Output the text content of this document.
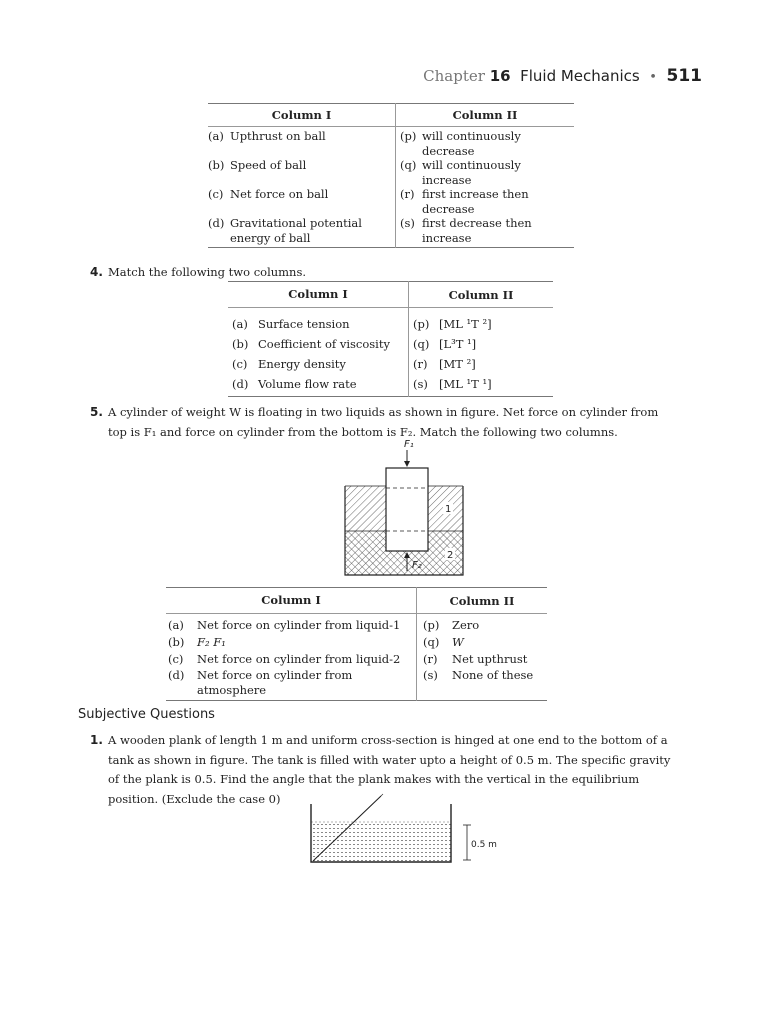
Chapter 16 Fluid Mechanics • 511
Column I	Column II
(a) Upthrust on ball	(p) will continuously
decrease
(b) Speed of ball	(q) will continuously
increase
(c) Net force on ball	(r) first increase then
decrease
(d) Gravitational potential
energy of ball	(s) first decrease then
increase
4. Match the following two columns.
Column I	Column II
(a) Surface tension	(p) [ML ¹T ²]
(b) Coefficient of viscosity	(q) [L³T ¹]
(c) Energy density	(r) [MT ²]
(d) Volume flow rate	(s) [ML ¹T ¹]
5. A cylinder of weight W is floating in two liquids as shown in figure. Net force on cylinder from
top is F₁ and force on cylinder from the bottom is F₂. Match the following two columns.
F₁
F₂
1
2
Column I	Column II
(a) Net force on cylinder from liquid-1	(p) Zero
(b) F₂ F₁	(q) W
(c) Net force on cylinder from liquid-2	(r) Net upthrust
(d) Net force on cylinder from
atmosphere	(s) None of these
Subjective Questions
1. A wooden plank of length 1 m and uniform cross-section is hinged at one end to the bottom of a
tank as shown in figure. The tank is filled with water upto a height of 0.5 m. The specific gravity
of the plank is 0.5. Find the angle that the plank makes with the vertical in the equilibrium
position. (Exclude the case 0)
0.5 m
